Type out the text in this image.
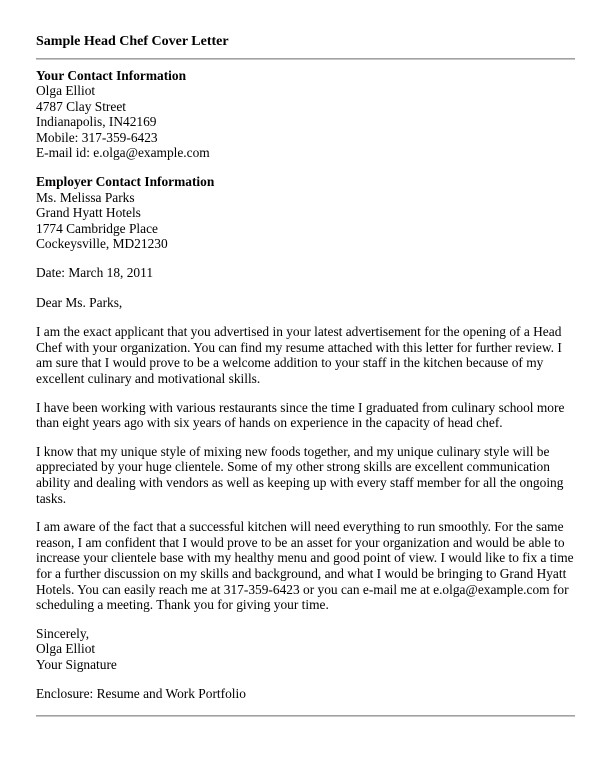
Sample Head Chef Cover Letter
Your Contact Information
Olga Elliot
4787 Clay Street
Indianapolis, IN42169
Mobile: 317-359-6423
E-mail id: e.olga@example.com
Employer Contact Information
Ms. Melissa Parks
Grand Hyatt Hotels
1774 Cambridge Place
Cockeysville, MD21230
Date: March 18, 2011
Dear Ms. Parks,

I am the exact applicant that you advertised in your latest advertisement for the opening of a Head Chef with your organization. You can find my resume attached with this letter for further review. I am sure that I would prove to be a welcome addition to your staff in the kitchen because of my excellent culinary and motivational skills.

I have been working with various restaurants since the time I graduated from culinary school more than eight years ago with six years of hands on experience in the capacity of head chef.

I know that my unique style of mixing new foods together, and my unique culinary style will be appreciated by your huge clientele. Some of my other strong skills are excellent communication ability and dealing with vendors as well as keeping up with every staff member for all the ongoing tasks.

I am aware of the fact that a successful kitchen will need everything to run smoothly. For the same reason, I am confident that I would prove to be an asset for your organization and would be able to increase your clientele base with my healthy menu and good point of view. I would like to fix a time for a further discussion on my skills and background, and what I would be bringing to Grand Hyatt Hotels. You can easily reach me at 317-359-6423 or you can e-mail me at e.olga@example.com for scheduling a meeting. Thank you for giving your time.

Sincerely,
Olga Elliot
Your Signature
Enclosure: Resume and Work Portfolio
